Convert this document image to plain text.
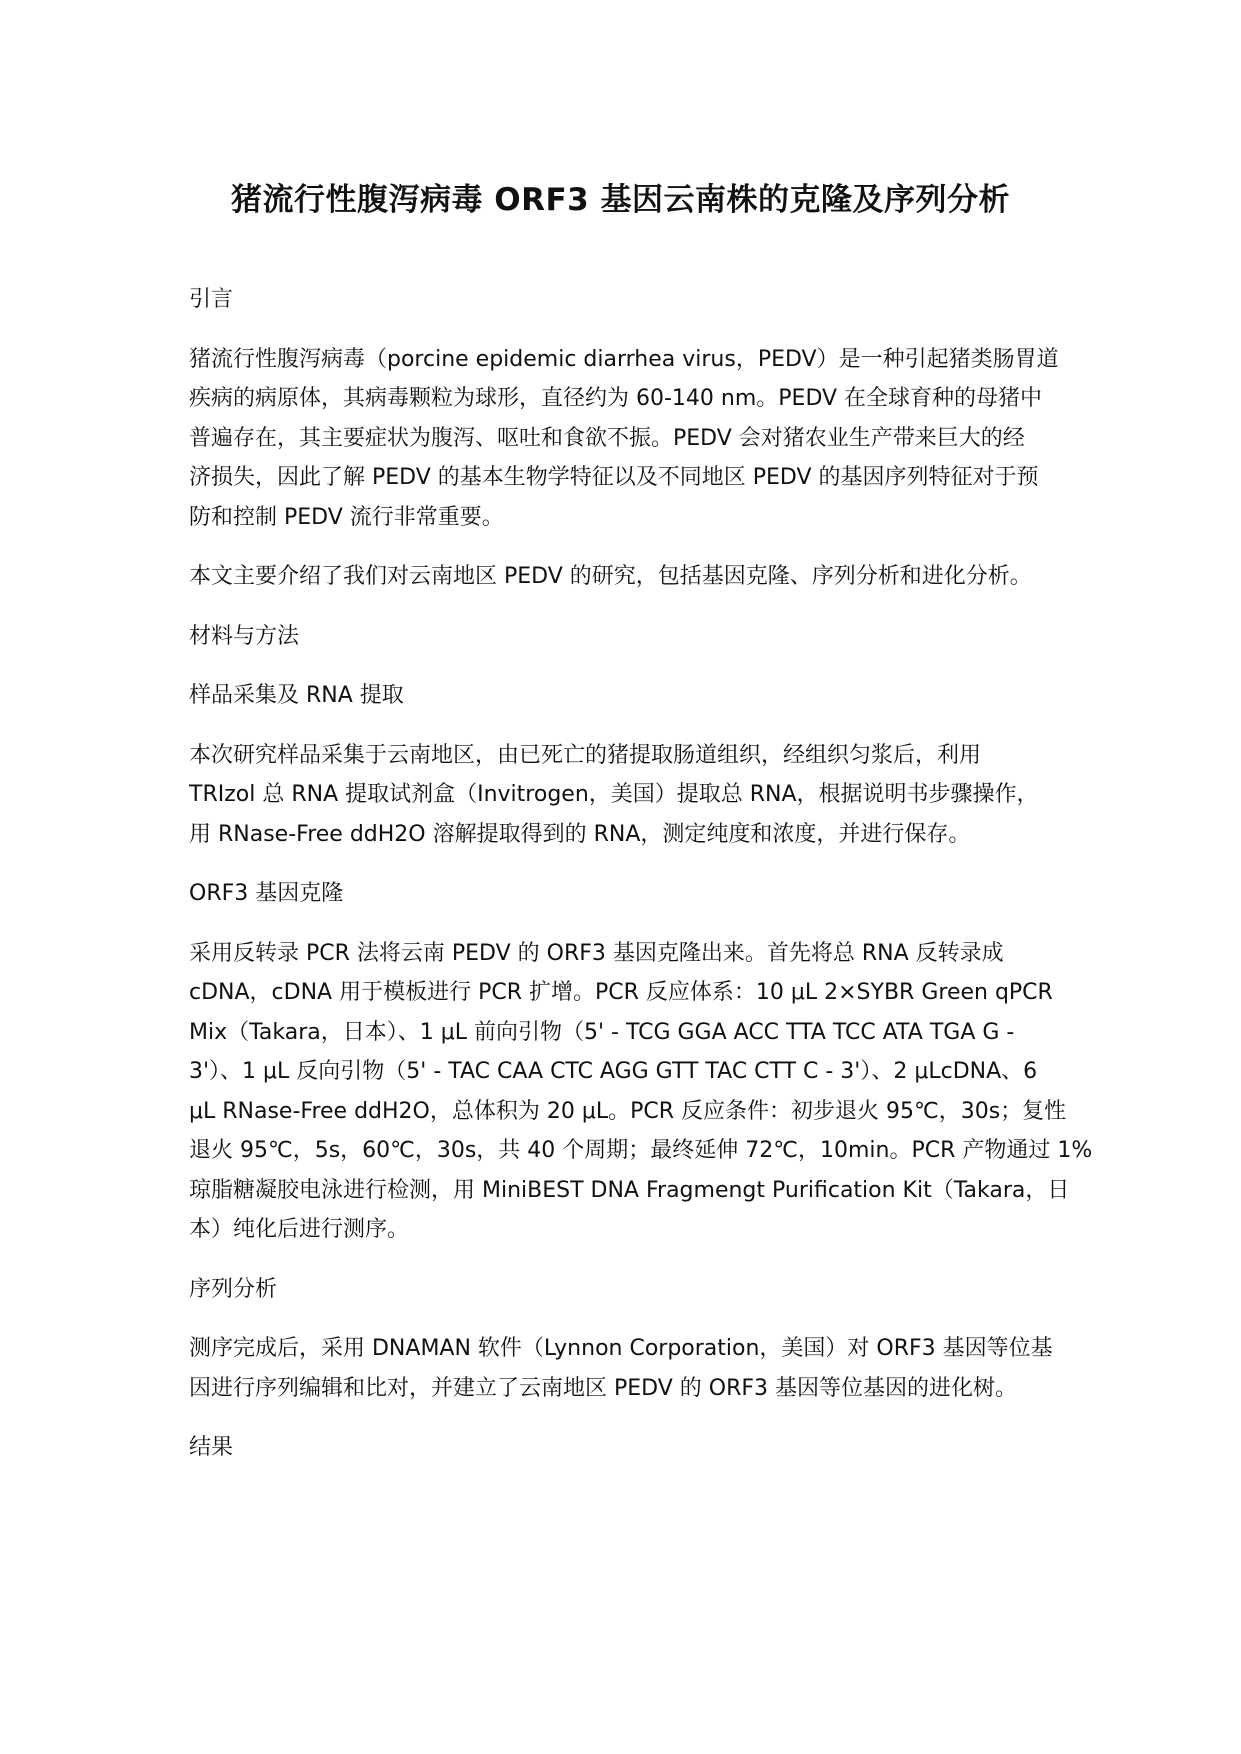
猪流行性腹泻病毒 ORF3 基因云南株的克隆及序列分析

引言

猪流行性腹泻病毒（porcine epidemic diarrhea virus，PEDV）是一种引起猪类肠胃道
疾病的病原体，其病毒颗粒为球形，直径约为 60-140 nm。PEDV 在全球育种的母猪中
普遍存在，其主要症状为腹泻、呕吐和食欲不振。PEDV 会对猪农业生产带来巨大的经
济损失，因此了解 PEDV 的基本生物学特征以及不同地区 PEDV 的基因序列特征对于预
防和控制 PEDV 流行非常重要。

本文主要介绍了我们对云南地区 PEDV 的研究，包括基因克隆、序列分析和进化分析。

材料与方法

样品采集及 RNA 提取

本次研究样品采集于云南地区，由已死亡的猪提取肠道组织，经组织匀浆后，利用
TRIzol 总 RNA 提取试剂盒（Invitrogen，美国）提取总 RNA，根据说明书步骤操作，
用 RNase-Free ddH2O 溶解提取得到的 RNA，测定纯度和浓度，并进行保存。

ORF3 基因克隆

采用反转录 PCR 法将云南 PEDV 的 ORF3 基因克隆出来。首先将总 RNA 反转录成
cDNA，cDNA 用于模板进行 PCR 扩增。PCR 反应体系：10 μL 2×SYBR Green qPCR
Mix（Takara，日本）、1 μL 前向引物（5' - TCG GGA ACC TTA TCC ATA TGA G -
3'）、1 μL 反向引物（5' - TAC CAA CTC AGG GTT TAC CTT C - 3'）、2 μLcDNA、6
μL RNase-Free ddH2O，总体积为 20 μL。PCR 反应条件：初步退火 95℃，30s；复性
退火 95℃，5s，60℃，30s，共 40 个周期；最终延伸 72℃，10min。PCR 产物通过 1%
琼脂糖凝胶电泳进行检测，用 MiniBEST DNA Fragmengt Purification Kit（Takara，日
本）纯化后进行测序。

序列分析

测序完成后，采用 DNAMAN 软件（Lynnon Corporation，美国）对 ORF3 基因等位基
因进行序列编辑和比对，并建立了云南地区 PEDV 的 ORF3 基因等位基因的进化树。

结果
